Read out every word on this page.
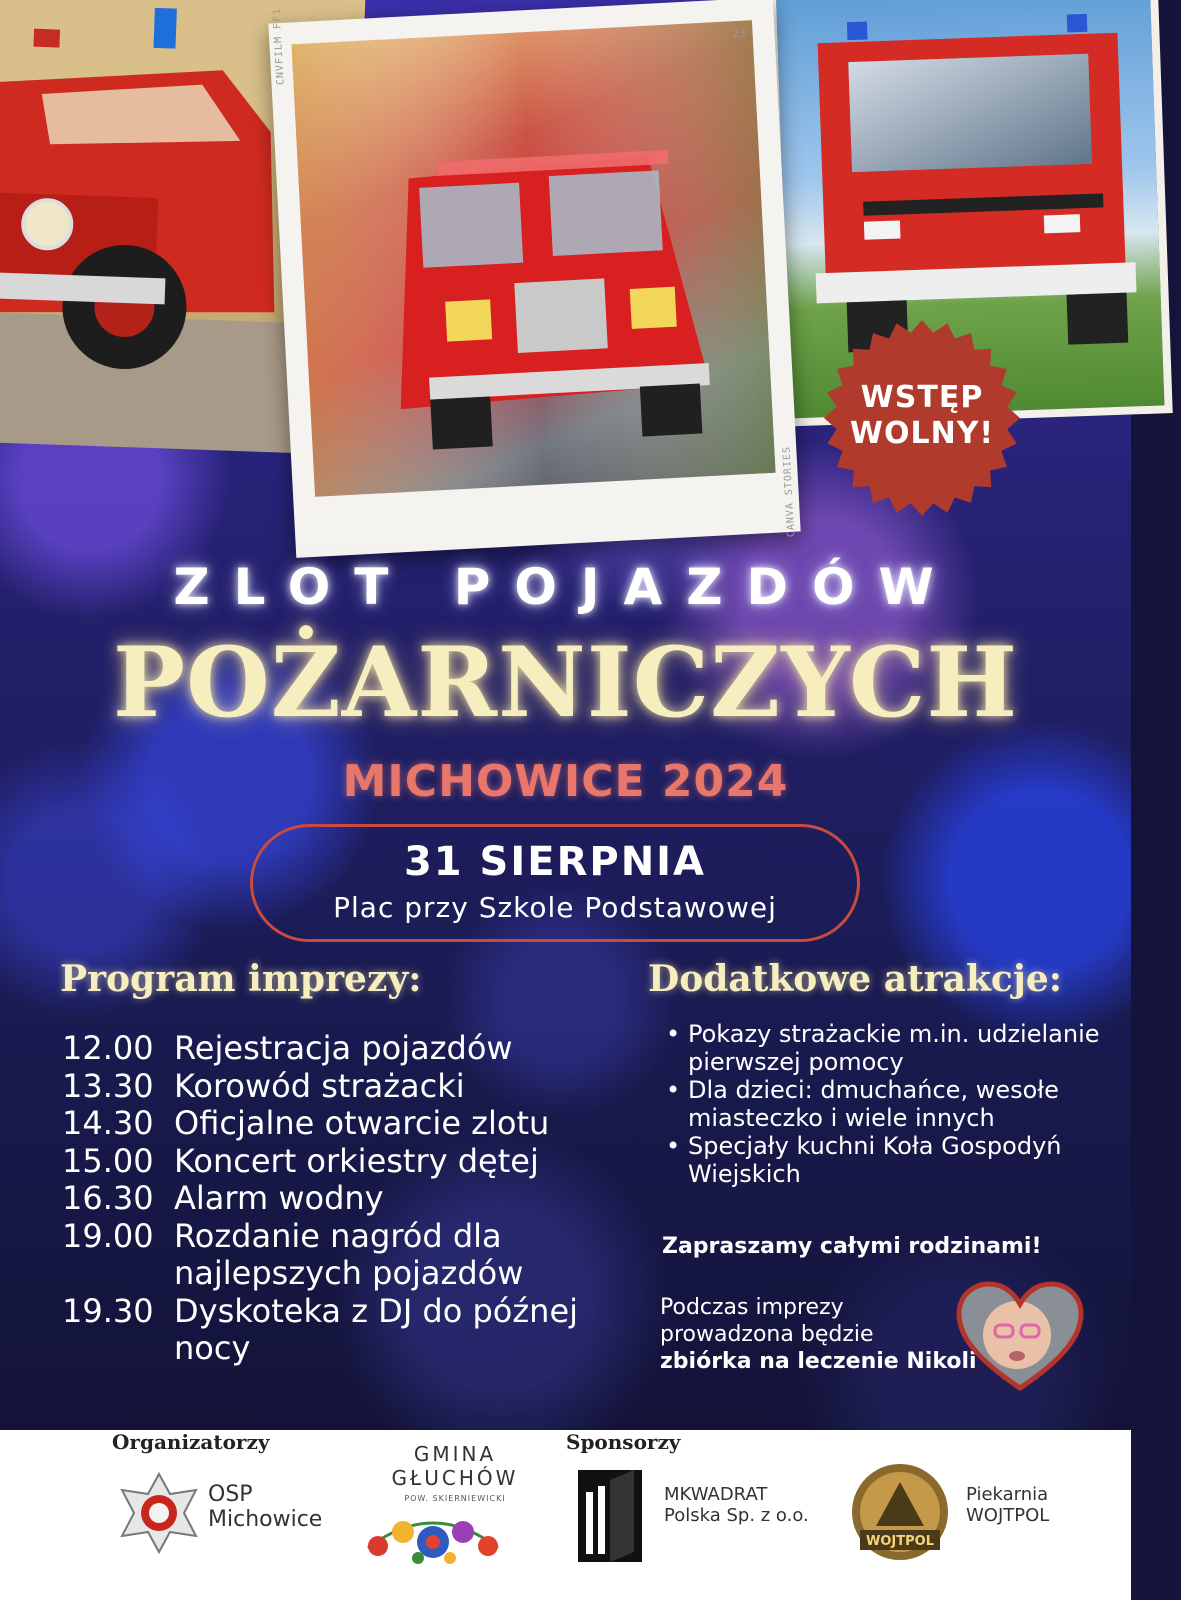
CNVFILM FF1	23
CANVA STORIES
WSTĘP
WOLNY!
ZLOT POJAZDÓW
POŻARNICZYCH
MICHOWICE 2024
31 SIERPNIA
Plac przy Szkole Podstawowej
Program imprezy:
12.00 Rejestracja pojazdów
13.30 Korowód strażacki
14.30 Oficjalne otwarcie zlotu
15.00 Koncert orkiestry dętej
16.30 Alarm wodny
19.00 Rozdanie nagród dla najlepszych pojazdów
19.30 Dyskoteka z DJ do późnej nocy
Dodatkowe atrakcje:
• Pokazy strażackie m.in. udzielanie pierwszej pomocy
• Dla dzieci: dmuchańce, wesołe miasteczko i wiele innych
• Specjały kuchni Koła Gospodyń Wiejskich
Zapraszamy całymi rodzinami!
Podczas imprezy
prowadzona będzie
zbiórka na leczenie Nikoli
Organizatorzy	Sponsorzy
OSP
Michowice
GMINA
GŁUCHÓW
POW. SKIERNIEWICKI	MKWADRAT
Polska Sp. z o.o.
WOJTPOL
Piekarnia
WOJTPOL
